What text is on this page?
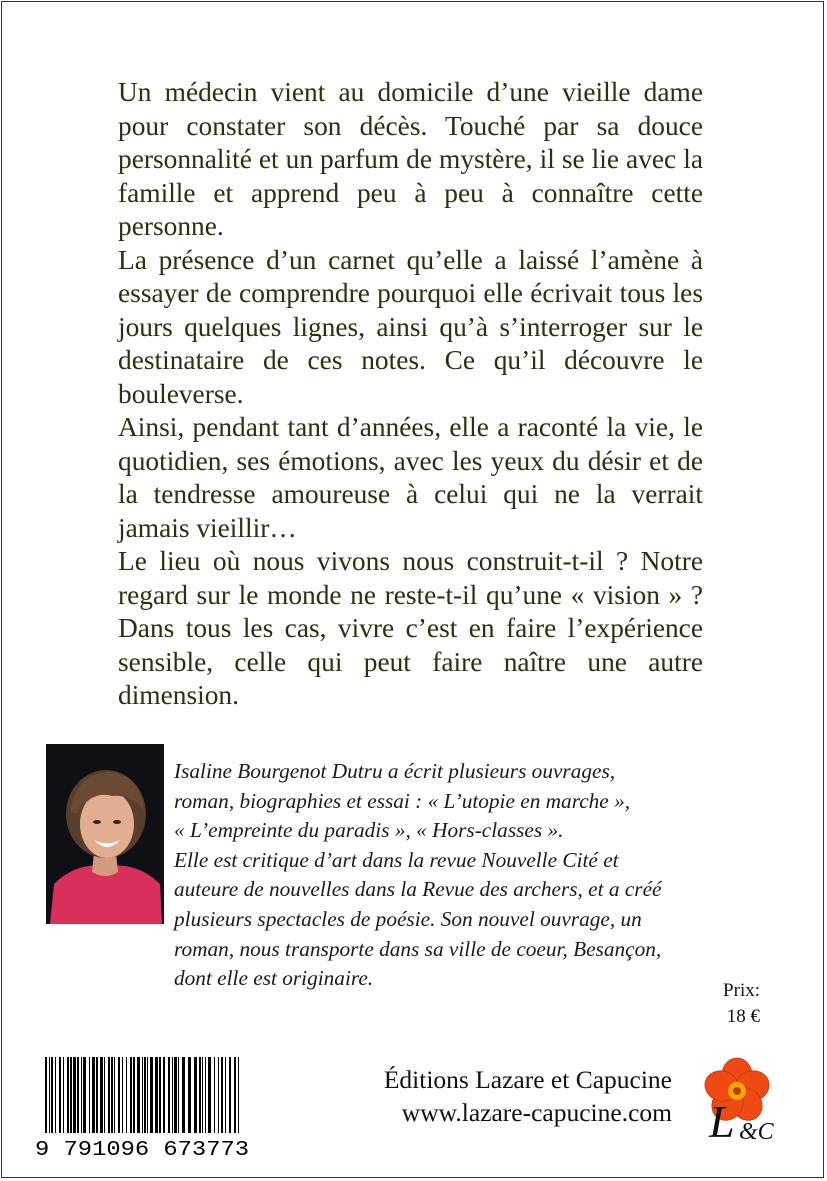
Un médecin vient au domicile d’une vieille dame pour constater son décès. Touché par sa douce personnalité et un parfum de mystère, il se lie avec la famille et apprend peu à peu à connaître cette personne.

La présence d’un carnet qu’elle a laissé l’amène à essayer de comprendre pourquoi elle écrivait tous les jours quelques lignes, ainsi qu’à s’interroger sur le destinataire de ces notes. Ce qu’il découvre le bouleverse.

Ainsi, pendant tant d’années, elle a raconté la vie, le quotidien, ses émotions, avec les yeux du désir et de la tendresse amoureuse à celui qui ne la verrait jamais vieillir…

Le lieu où nous vivons nous construit-t-il ? Notre regard sur le monde ne reste-t-il qu’une « vision » ? Dans tous les cas, vivre c’est en faire l’expérience sensible, celle qui peut faire naître une autre dimension.

Isaline Bourgenot Dutru a écrit plusieurs ouvrages,

roman, biographies et essai : « L’utopie en marche »,

« L’empreinte du paradis », « Hors-classes ».

Elle est critique d’art dans la revue Nouvelle Cité et

auteure de nouvelles dans la Revue des archers, et a créé

plusieurs spectacles de poésie. Son nouvel ouvrage, un

roman, nous transporte dans sa ville de coeur, Besançon,

dont elle est originaire.

Prix:
18 €
9 791096 673773
Éditions Lazare et Capucine
www.lazare-capucine.com L &C
